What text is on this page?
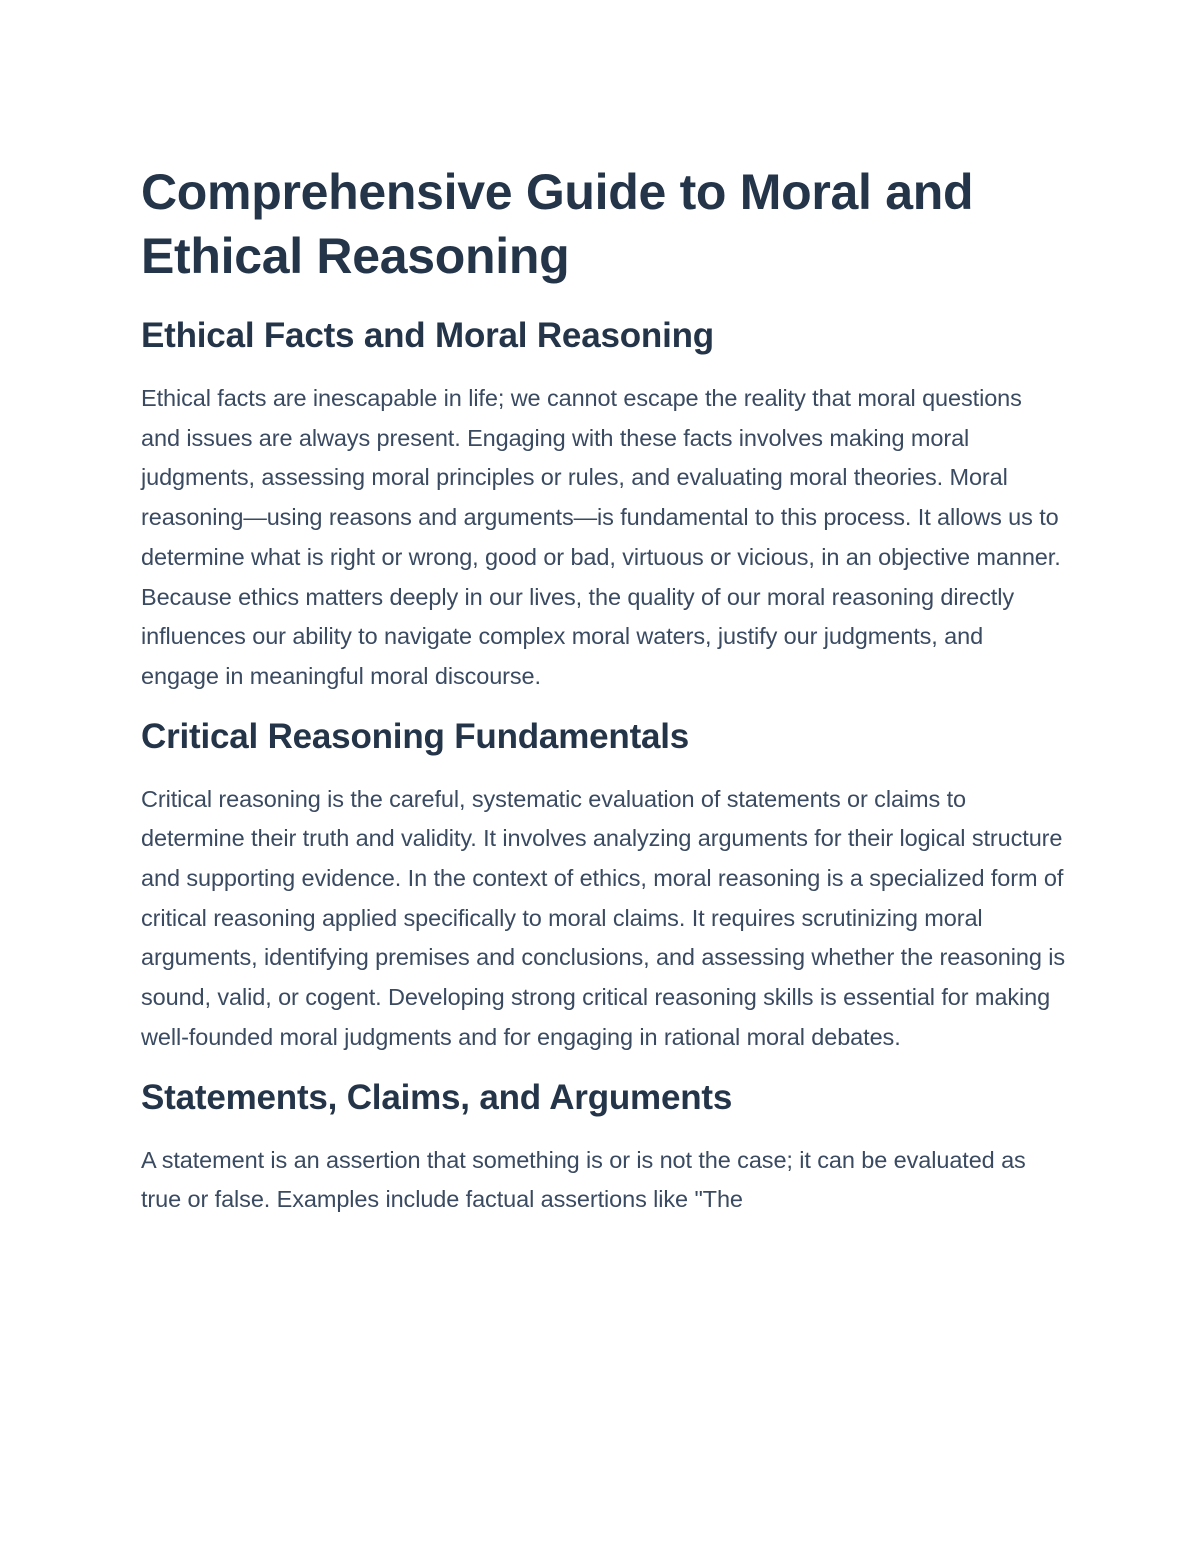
Comprehensive Guide to Moral and Ethical Reasoning
Ethical Facts and Moral Reasoning

Ethical facts are inescapable in life; we cannot escape the reality that moral questions and issues are always present. Engaging with these facts involves making moral judgments, assessing moral principles or rules, and evaluating moral theories. Moral reasoning—using reasons and arguments—is fundamental to this process. It allows us to determine what is right or wrong, good or bad, virtuous or vicious, in an objective manner. Because ethics matters deeply in our lives, the quality of our moral reasoning directly influences our ability to navigate complex moral waters, justify our judgments, and engage in meaningful moral discourse.

Critical Reasoning Fundamentals

Critical reasoning is the careful, systematic evaluation of statements or claims to determine their truth and validity. It involves analyzing arguments for their logical structure and supporting evidence. In the context of ethics, moral reasoning is a specialized form of critical reasoning applied specifically to moral claims. It requires scrutinizing moral arguments, identifying premises and conclusions, and assessing whether the reasoning is sound, valid, or cogent. Developing strong critical reasoning skills is essential for making well-founded moral judgments and for engaging in rational moral debates.

Statements, Claims, and Arguments

A statement is an assertion that something is or is not the case; it can be evaluated as true or false. Examples include factual assertions like "The
